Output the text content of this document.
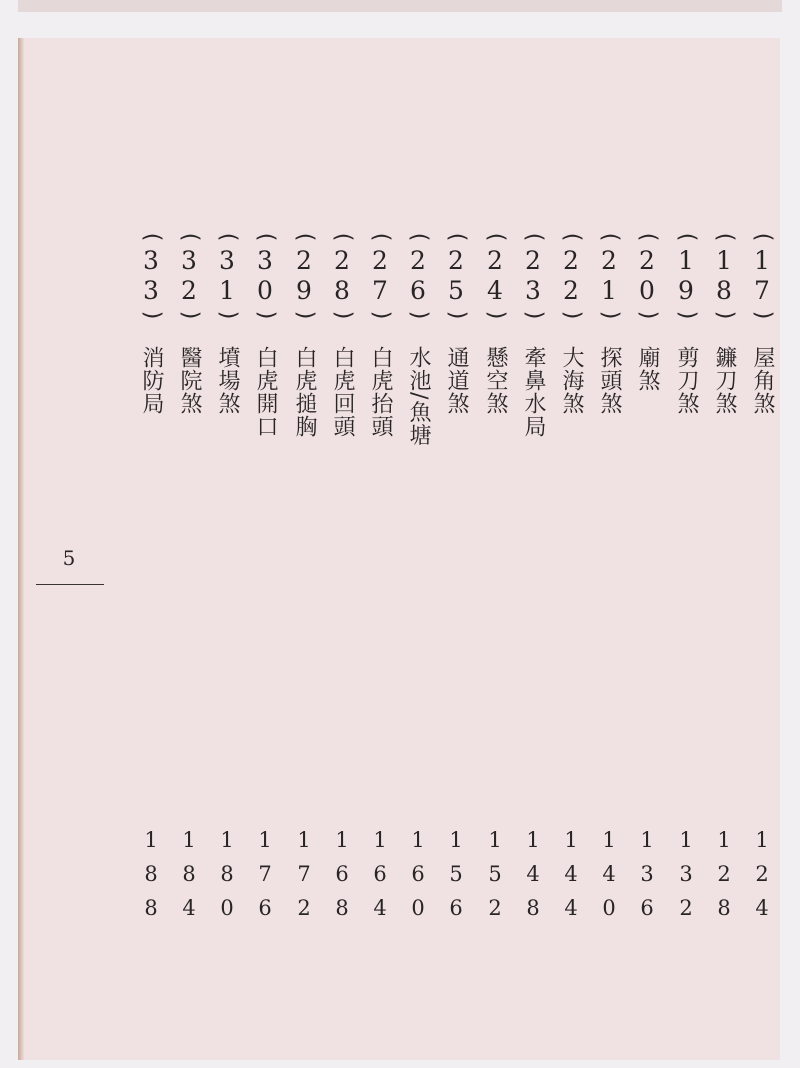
(
1
7
)
屋角煞
124
(
1
8
)
鐮刀煞
128
(
1
9
)
剪刀煞
132
(
2
0
)
廟煞
136
(
2
1
)
探頭煞
140
(
2
2
)
大海煞
144
(
2
3
)
牽鼻水局
148
(
2
4
)
懸空煞
152
(
2
5
)
通道煞
156
(
2
6
)
水池/魚塘
160
(
2
7
)
白虎抬頭
164
(
2
8
)
白虎回頭
168
(
2
9
)
白虎搥胸
172
(
3
0
)
白虎開口
176
(
3
1
)
墳場煞
180
(
3
2
)
醫院煞
184
(
3
3
)
消防局
188
5
